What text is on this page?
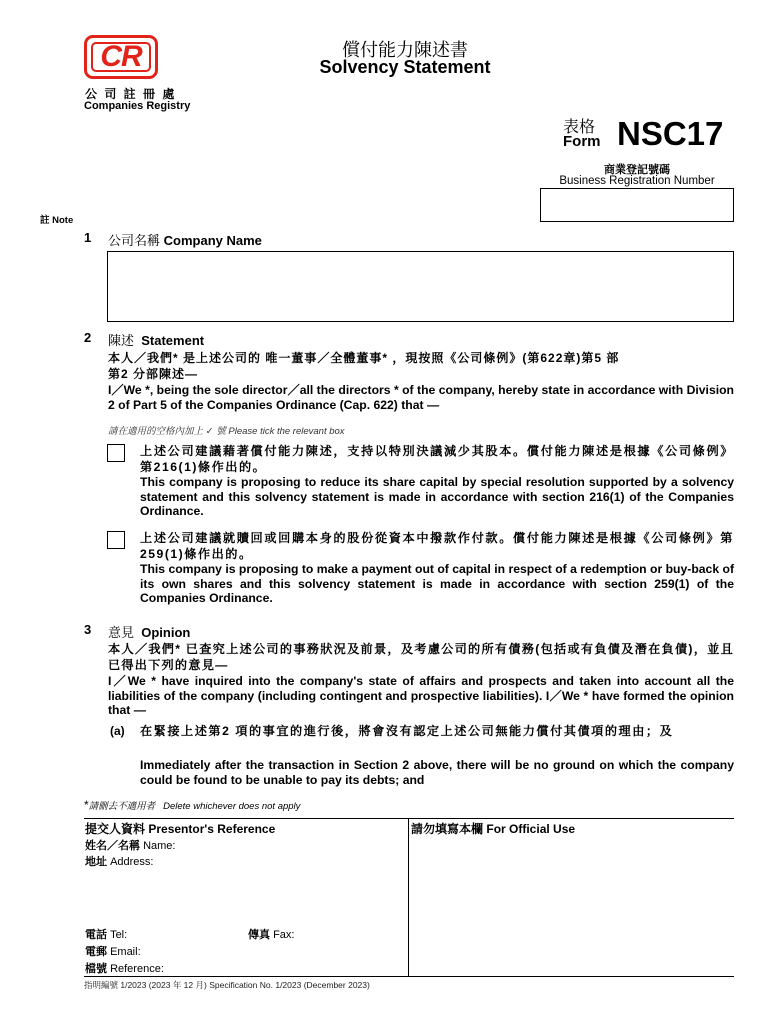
CR
公 司 註 冊 處
Companies Registry
償付能力陳述書
Solvency Statement
表格
Form NSC17
商業登記號碼
Business Registration Number
註 Note
1 公司名稱 Company Name
2 陳述 Statement
本人／我們* 是上述公司的 唯一董事／全體董事* ，現按照《公司條例》(第622章)第5 部
第2 分部陳述—
I／We *, being the sole director／all the directors * of the company, hereby state in accordance with Division 2 of Part 5 of the Companies Ordinance (Cap. 622) that —
請在適用的空格內加上 ✓ 號 Please tick the relevant box
上述公司建議藉著償付能力陳述，支持以特別決議減少其股本。償付能力陳述是根據《公司條例》第216(1)條作出的。
This company is proposing to reduce its share capital by special resolution supported by a solvency statement and this solvency statement is made in accordance with section 216(1) of the Companies Ordinance.
上述公司建議就贖回或回購本身的股份從資本中撥款作付款。償付能力陳述是根據《公司條例》第259(1)條作出的。
This company is proposing to make a payment out of capital in respect of a redemption or buy-back of its own shares and this solvency statement is made in accordance with section 259(1) of the Companies Ordinance.
3 意見 Opinion
本人／我們* 已查究上述公司的事務狀況及前景，及考慮公司的所有債務(包括或有負債及潛在負債)，並且已得出下列的意見—
I／We * have inquired into the company's state of affairs and prospects and taken into account all the liabilities of the company (including contingent and prospective liabilities). I／We * have formed the opinion that —
(a) 在緊接上述第2 項的事宜的進行後，將會沒有認定上述公司無能力償付其債項的理由；及
Immediately after the transaction in Section 2 above, there will be no ground on which the company could be found to be unable to pay its debts; and
*請刪去不適用者 Delete whichever does not apply
提交人資料 Presentor's Reference
姓名／名稱 Name:
地址 Address:
電話 Tel:	傳真 Fax:
電郵 Email:
檔號 Reference:
請勿填寫本欄 For Official Use
指明編號 1/2023 (2023 年 12 月) Specification No. 1/2023 (December 2023)
